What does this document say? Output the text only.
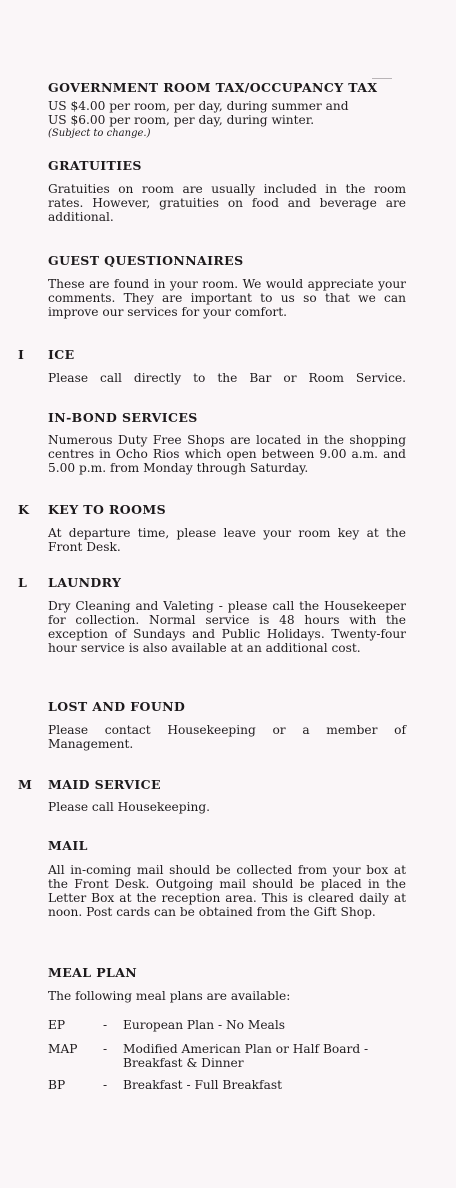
GOVERNMENT ROOM TAX/OCCUPANCY TAX

US $4.00 per room, per day, during summer and

US $6.00 per room, per day, during winter.

(Subject to change.)

GRATUITIES

Gratuities on room are usually included in the room rates. However, gratuities on food and beverage are additional.

GUEST QUESTIONNAIRES

These are found in your room. We would appreciate your comments. They are important to us so that we can improve our services for your comfort.

I ICE

Please call directly to the Bar or Room Service.

IN-BOND SERVICES

Numerous Duty Free Shops are located in the shopping centres in Ocho Rios which open between 9.00 a.m. and 5.00 p.m. from Monday through Saturday.

K KEY TO ROOMS

At departure time, please leave your room key at the Front Desk.

L LAUNDRY

Dry Cleaning and Valeting - please call the Housekeeper for collection. Normal service is 48 hours with the exception of Sundays and Public Holidays. Twenty-four hour service is also available at an additional cost.

LOST AND FOUND

Please contact Housekeeping or a member of Management.

M MAID SERVICE

Please call Housekeeping.

MAIL

All in-coming mail should be collected from your box at the Front Desk. Outgoing mail should be placed in the Letter Box at the reception area. This is cleared daily at noon. Post cards can be obtained from the Gift Shop.

MEAL PLAN

The following meal plans are available:

EP	- European Plan - No Meals
MAP - Modified American Plan or Half Board - Breakfast & Dinner
BP	- Breakfast - Full Breakfast
